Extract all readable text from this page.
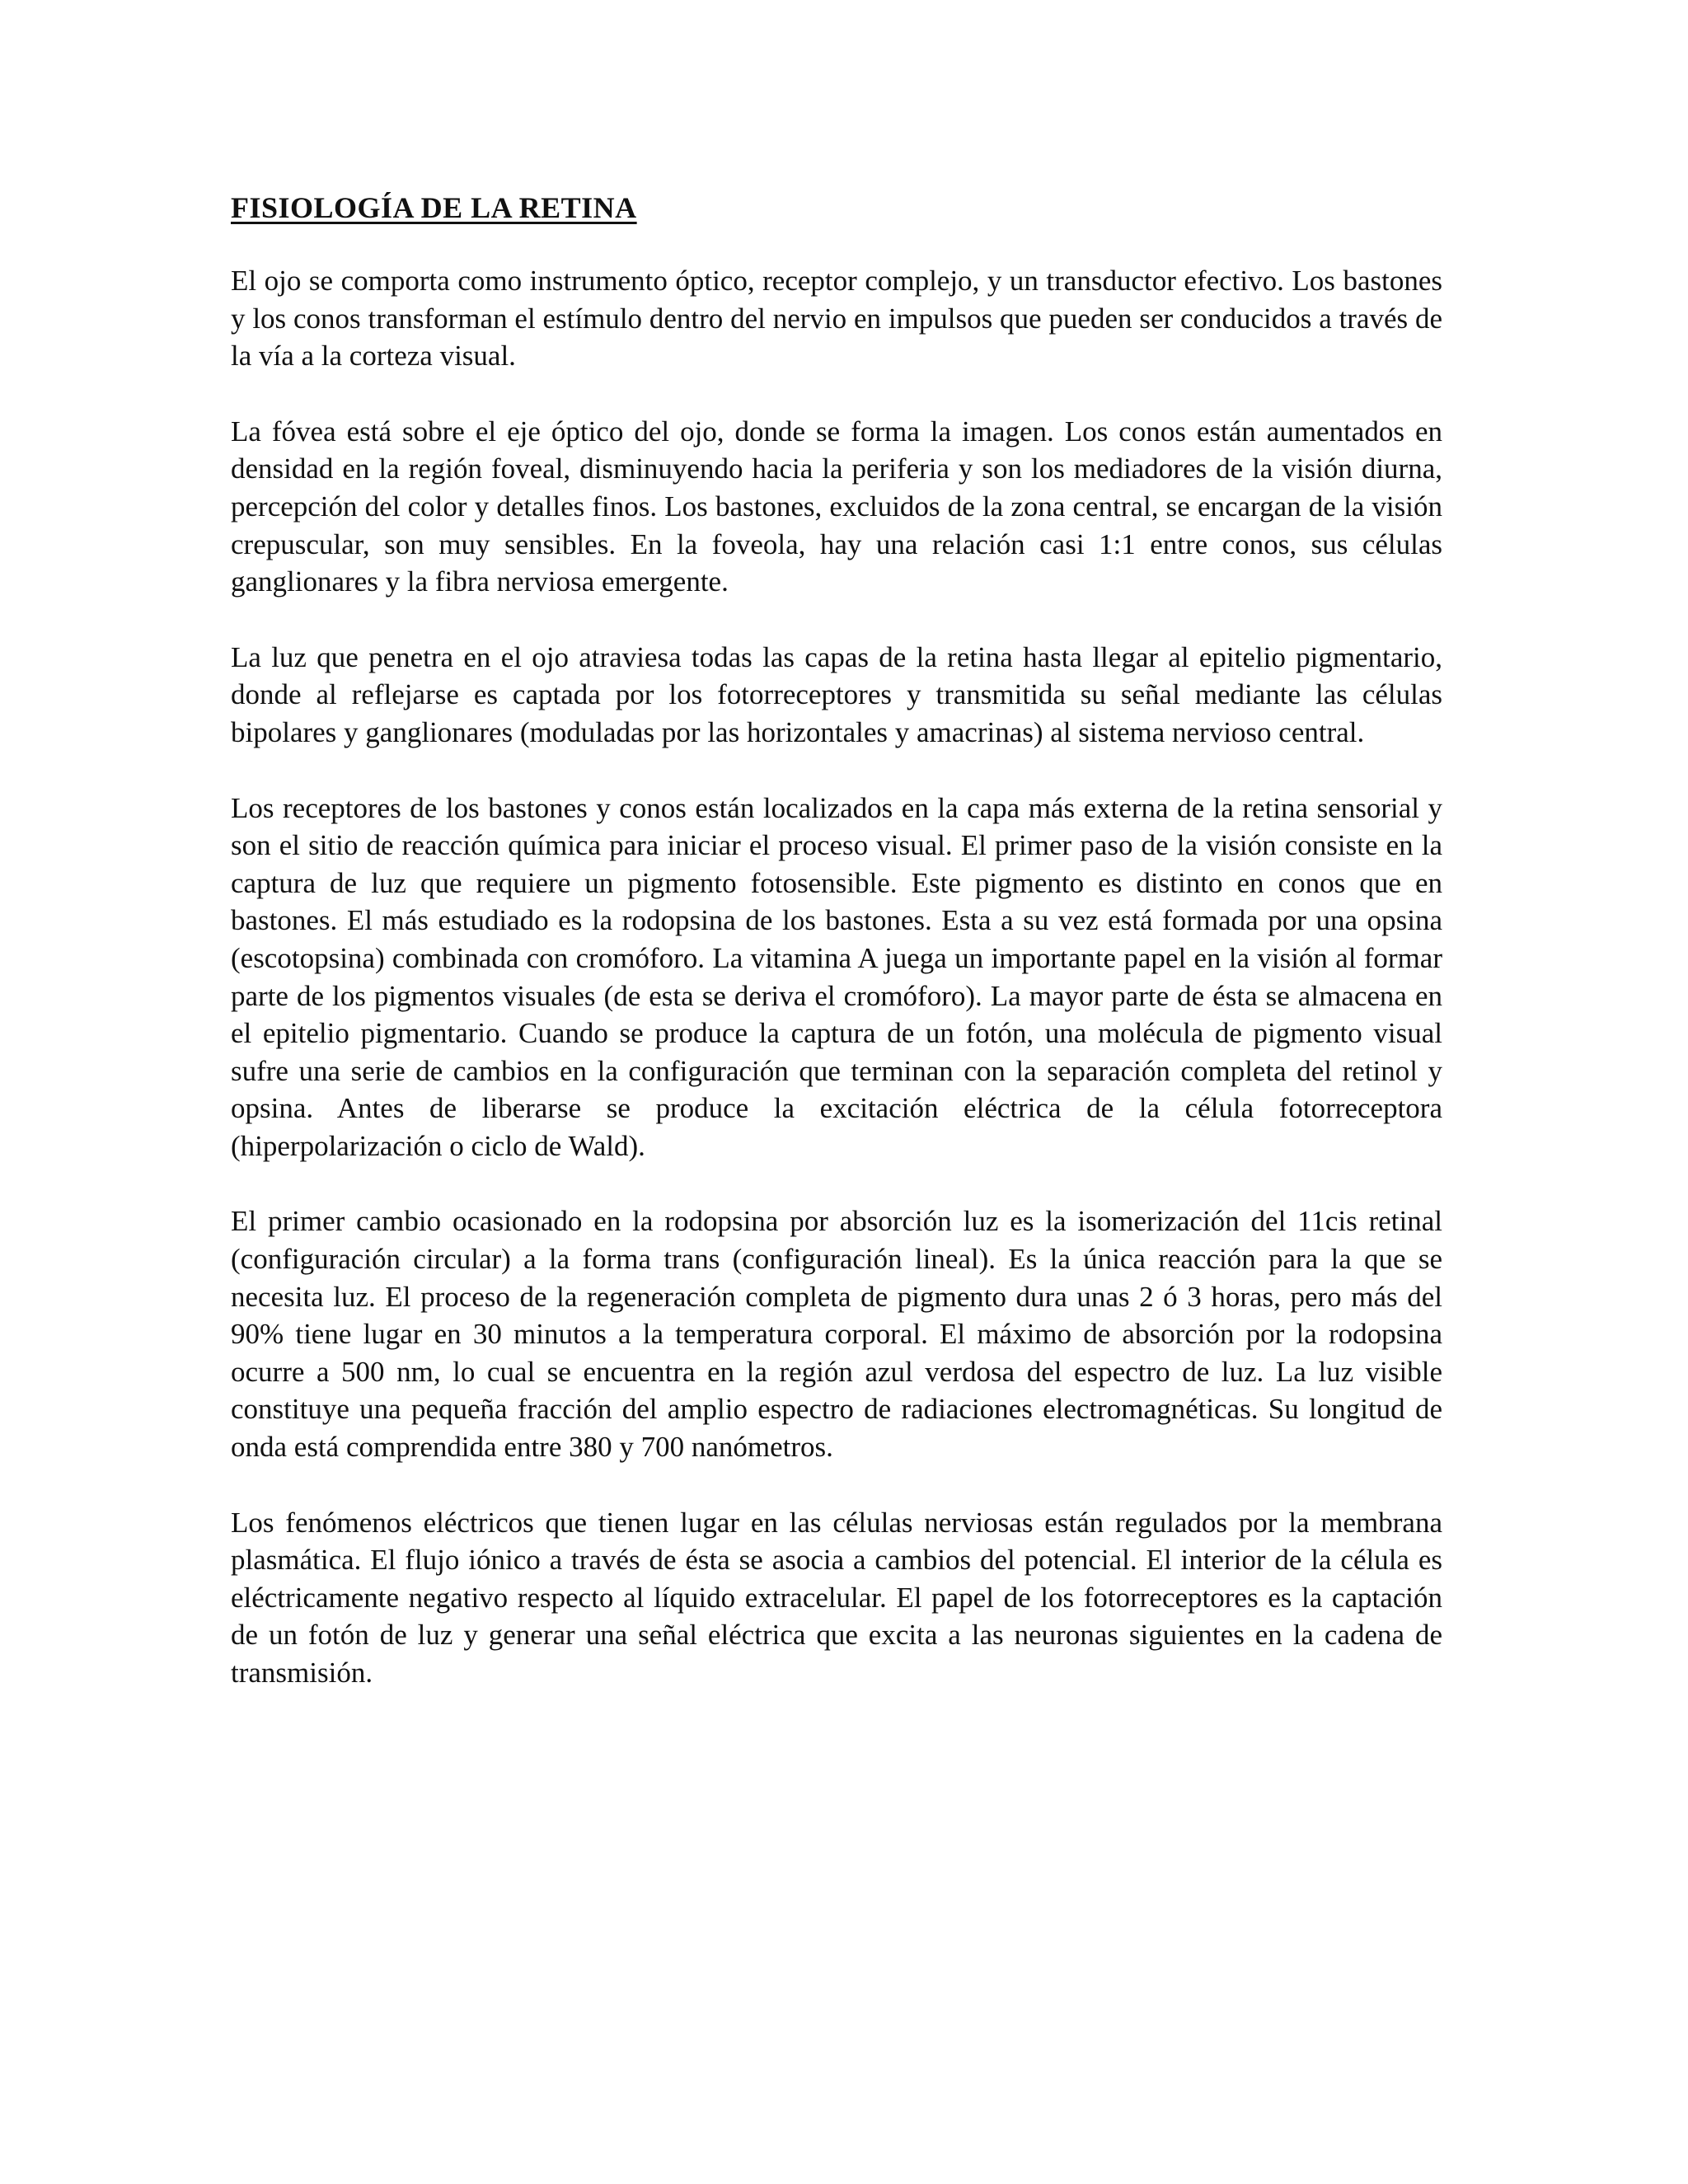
FISIOLOGÍA DE LA RETINA

El ojo se comporta como instrumento óptico, receptor complejo, y un transductor efectivo. Los bastones y los conos transforman el estímulo dentro del nervio en impulsos que pueden ser conducidos a través de la vía a la corteza visual.

La fóvea está sobre el eje óptico del ojo, donde se forma la imagen. Los conos están aumentados en densidad en la región foveal, disminuyendo hacia la periferia y son los mediadores de la visión diurna, percepción del color y detalles finos. Los bastones, excluidos de la zona central, se encargan de la visión crepuscular, son muy sensibles. En la foveola, hay una relación casi 1:1 entre conos, sus células ganglionares y la fibra nerviosa emergente.

La luz que penetra en el ojo atraviesa todas las capas de la retina hasta llegar al epitelio pigmentario, donde al reflejarse es captada por los fotorreceptores y transmitida su señal mediante las células bipolares y ganglionares (moduladas por las horizontales y amacrinas) al sistema nervioso central.

Los receptores de los bastones y conos están localizados en la capa más externa de la retina sensorial y son el sitio de reacción química para iniciar el proceso visual. El primer paso de la visión consiste en la captura de luz que requiere un pigmento fotosensible. Este pigmento es distinto en conos que en bastones. El más estudiado es la rodopsina de los bastones. Esta a su vez está formada por una opsina (escotopsina) combinada con cromóforo. La vitamina A juega un importante papel en la visión al formar parte de los pigmentos visuales (de esta se deriva el cromóforo). La mayor parte de ésta se almacena en el epitelio pigmentario. Cuando se produce la captura de un fotón, una molécula de pigmento visual sufre una serie de cambios en la configuración que terminan con la separación completa del retinol y opsina. Antes de liberarse se produce la excitación eléctrica de la célula fotorreceptora (hiperpolarización o ciclo de Wald).

El primer cambio ocasionado en la rodopsina por absorción luz es la isomerización del 11cis retinal (configuración circular) a la forma trans (configuración lineal). Es la única reacción para la que se necesita luz. El proceso de la regeneración completa de pigmento dura unas 2 ó 3 horas, pero más del 90% tiene lugar en 30 minutos a la temperatura corporal. El máximo de absorción por la rodopsina ocurre a 500 nm, lo cual se encuentra en la región azul verdosa del espectro de luz. La luz visible constituye una pequeña fracción del amplio espectro de radiaciones electromagnéticas. Su longitud de onda está comprendida entre 380 y 700 nanómetros.

Los fenómenos eléctricos que tienen lugar en las células nerviosas están regulados por la membrana plasmática. El flujo iónico a través de ésta se asocia a cambios del potencial. El interior de la célula es eléctricamente negativo respecto al líquido extracelular. El papel de los fotorreceptores es la captación de un fotón de luz y generar una señal eléctrica que excita a las neuronas siguientes en la cadena de transmisión.
